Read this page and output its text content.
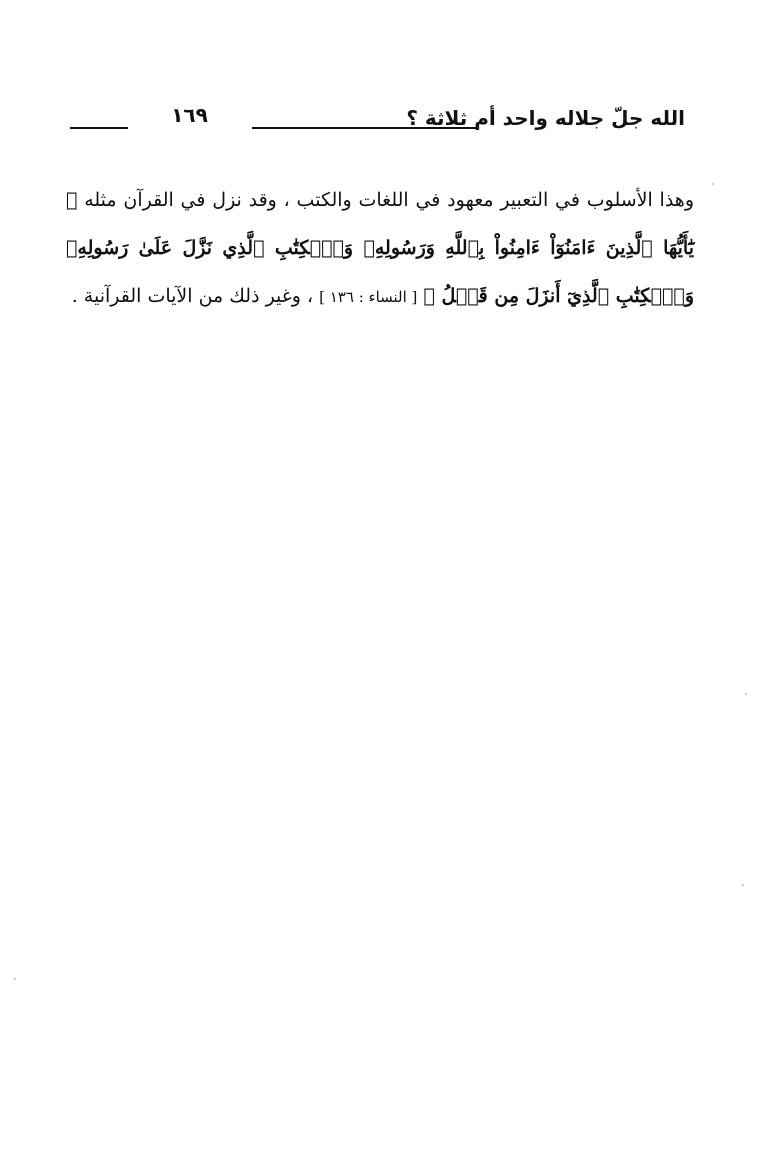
الله جلّ جلاله واحد أم ثلاثة ؟
١٦٩

وهذا الأسلوب في التعبير معهود في اللغات والكتب ، وقد نزل في القرآن مثله ﴿ يَٰٓأَيُّهَا ٱلَّذِينَ ءَامَنُوٓاْ ءَامِنُواْ بِٱللَّهِ وَرَسُولِهِۦ وَٱلۡكِتَٰبِ ٱلَّذِي نَزَّلَ عَلَىٰ رَسُولِهِۦ وَٱلۡكِتَٰبِ ٱلَّذِيٓ أَنزَلَ مِن قَبۡلُ ﴾ [ النساء : ١٣٦ ] ، وغير ذلك من الآيات القرآنية .
